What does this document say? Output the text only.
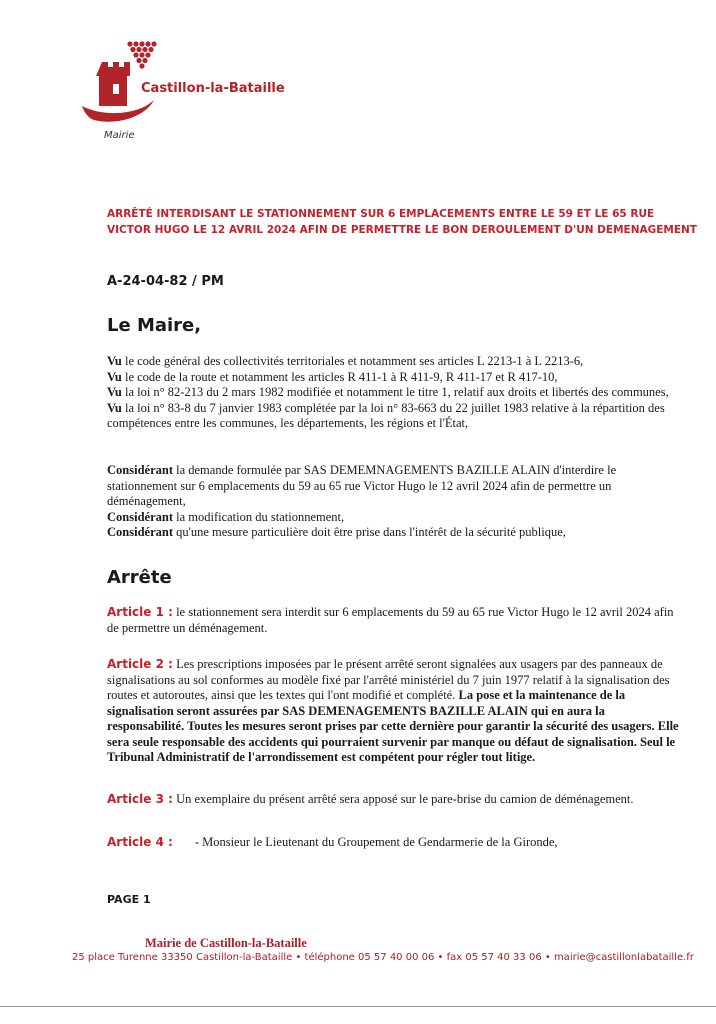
Castillon-la-Bataille
Mairie
ARRÊTÉ INTERDISANT LE STATIONNEMENT SUR 6 EMPLACEMENTS ENTRE LE 59 ET LE 65 RUE VICTOR HUGO LE 12 AVRIL 2024 AFIN DE PERMETTRE LE BON DEROULEMENT D'UN DEMENAGEMENT
A-24-04-82 / PM
Le Maire,

Vu le code général des collectivités territoriales et notamment ses articles L 2213-1 à L 2213-6,

Vu le code de la route et notamment les articles R 411-1 à R 411-9, R 411-17 et R 417-10,

Vu la loi n° 82-213 du 2 mars 1982 modifiée et notamment le titre 1, relatif aux droits et libertés des communes,

Vu la loi n° 83-8 du 7 janvier 1983 complétée par la loi n° 83-663 du 22 juillet 1983 relative à la répartition des compétences entre les communes, les départements, les régions et l'État,

Considérant la demande formulée par SAS DEMEMNAGEMENTS BAZILLE ALAIN d'interdire le stationnement sur 6 emplacements du 59 au 65 rue Victor Hugo le 12 avril 2024 afin de permettre un déménagement,

Considérant la modification du stationnement,

Considérant qu'une mesure particulière doit être prise dans l'intérêt de la sécurité publique,

Arrête

Article 1 : le stationnement sera interdit sur 6 emplacements du 59 au 65 rue Victor Hugo le 12 avril 2024 afin de permettre un déménagement.

Article 2 : Les prescriptions imposées par le présent arrêté seront signalées aux usagers par des panneaux de signalisations au sol conformes au modèle fixé par l'arrêté ministériel du 7 juin 1977 relatif à la signalisation des routes et autoroutes, ainsi que les textes qui l'ont modifié et complété. La pose et la maintenance de la signalisation seront assurées par SAS DEMENAGEMENTS BAZILLE ALAIN qui en aura la responsabilité. Toutes les mesures seront prises par cette dernière pour garantir la sécurité des usagers. Elle sera seule responsable des accidents qui pourraient survenir par manque ou défaut de signalisation. Seul le Tribunal Administratif de l'arrondissement est compétent pour régler tout litige.

Article 3 : Un exemplaire du présent arrêté sera apposé sur le pare-brise du camion de déménagement.

Article 4 : - Monsieur le Lieutenant du Groupement de Gendarmerie de la Gironde,

PAGE 1
Mairie de Castillon-la-Bataille
25 place Turenne 33350 Castillon-la-Bataille • téléphone 05 57 40 00 06 • fax 05 57 40 33 06 • mairie@castillonlabataille.fr
